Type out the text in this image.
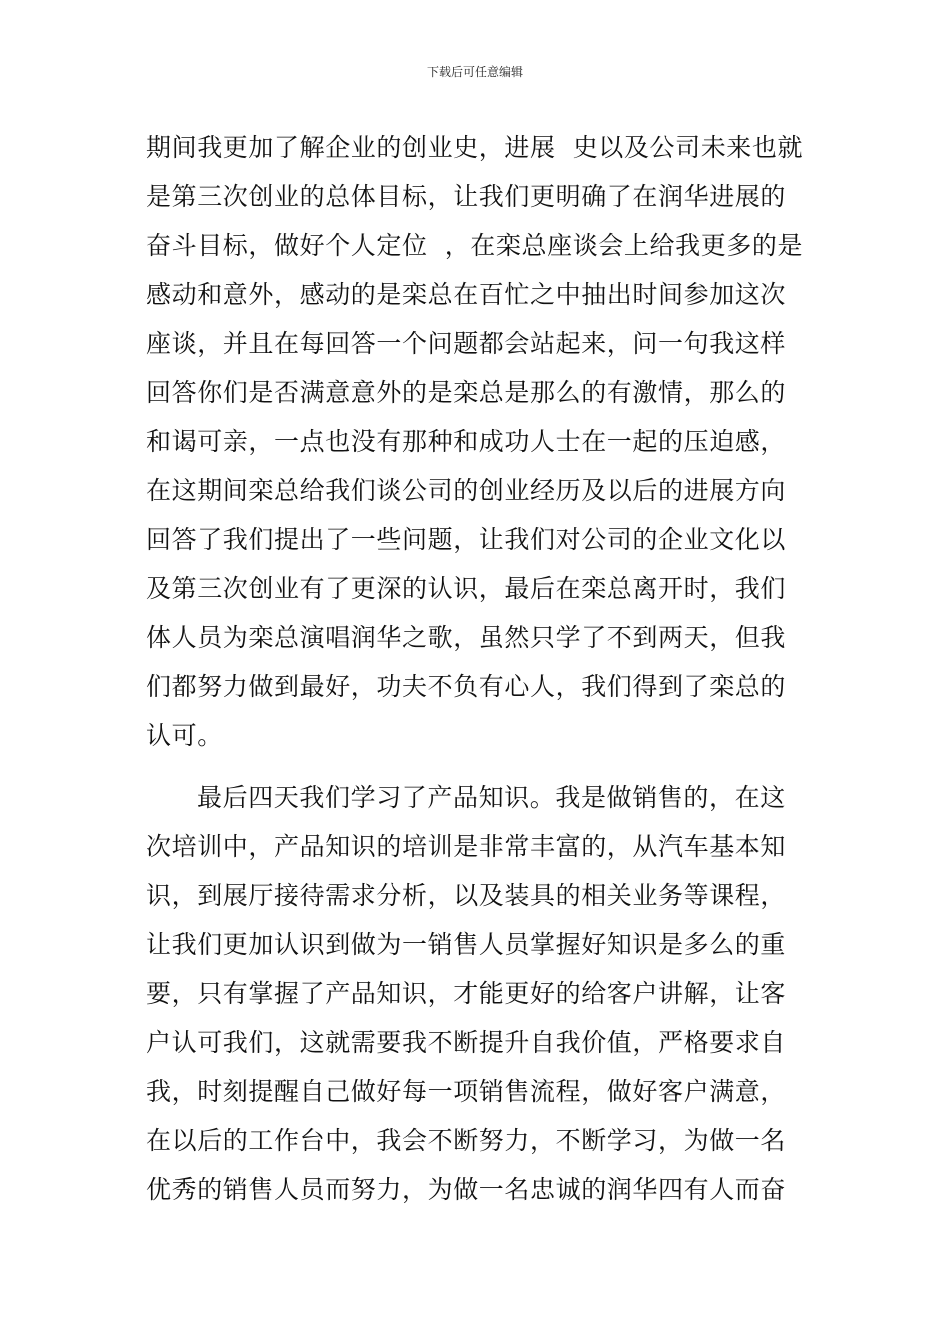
下载后可任意编辑
期间我更加了解企业的创业史，进展  史以及公司未来也就
是第三次创业的总体目标，让我们更明确了在润华进展的
奋斗目标，做好个人定位  ，在栾总座谈会上给我更多的是
感动和意外，感动的是栾总在百忙之中抽出时间参加这次
座谈，并且在每回答一个问题都会站起来，问一句我这样
回答你们是否满意意外的是栾总是那么的有激情，那么的
和谒可亲，一点也没有那种和成功人士在一起的压迫感，
在这期间栾总给我们谈公司的创业经历及以后的进展方向
回答了我们提出了一些问题，让我们对公司的企业文化以
及第三次创业有了更深的认识，最后在栾总离开时，我们
体人员为栾总演唱润华之歌，虽然只学了不到两天，但我
们都努力做到最好，功夫不负有心人，我们得到了栾总的
认可。
最后四天我们学习了产品知识。我是做销售的，在这
次培训中，产品知识的培训是非常丰富的，从汽车基本知
识，到展厅接待需求分析，以及装具的相关业务等课程，
让我们更加认识到做为一销售人员掌握好知识是多么的重
要，只有掌握了产品知识，才能更好的给客户讲解，让客
户认可我们，这就需要我不断提升自我价值，严格要求自
我，时刻提醒自己做好每一项销售流程，做好客户满意，
在以后的工作台中，我会不断努力，不断学习，为做一名
优秀的销售人员而努力，为做一名忠诚的润华四有人而奋
